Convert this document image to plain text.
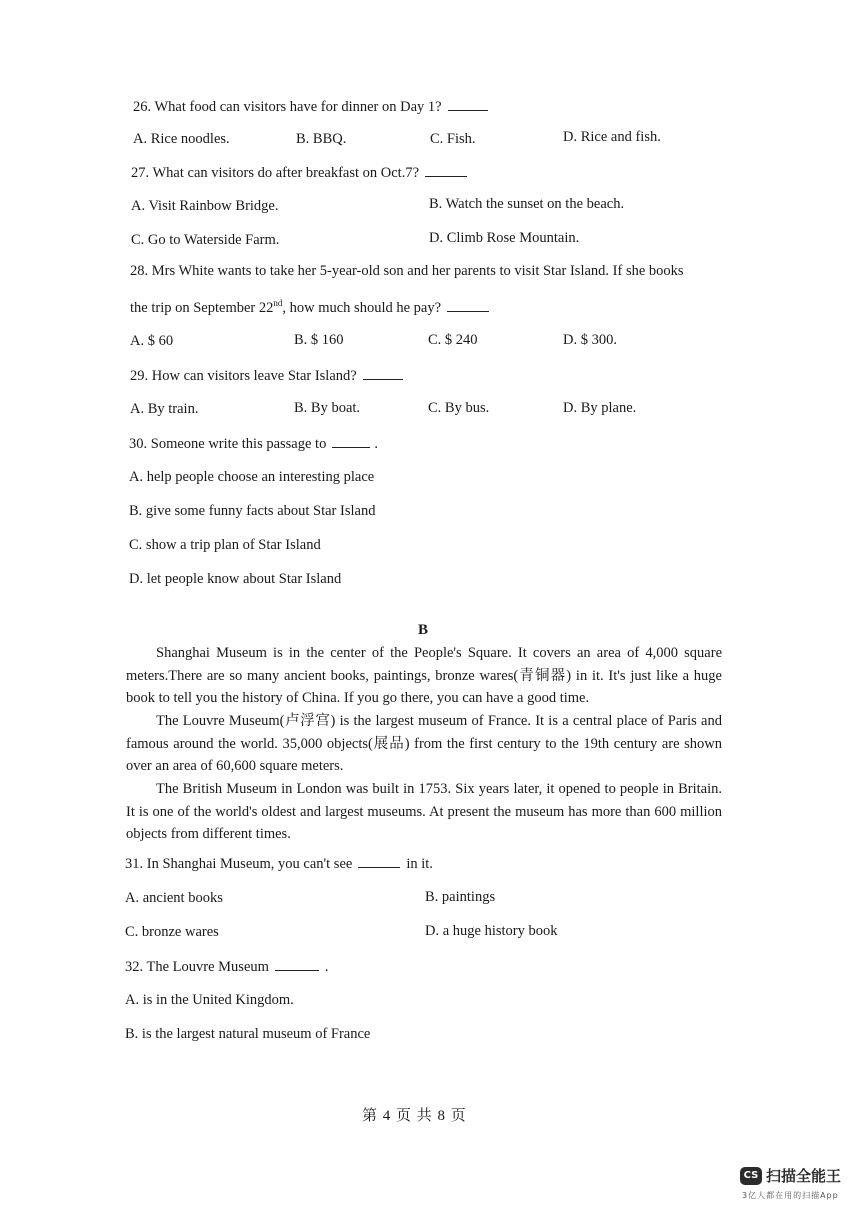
26. What food can visitors have for dinner on Day 1?
A. Rice noodles.	B. BBQ.	C. Fish.	D. Rice and fish.
27. What can visitors do after breakfast on Oct.7?
A. Visit Rainbow Bridge.	B. Watch the sunset on the beach.
C. Go to Waterside Farm.	D. Climb Rose Mountain.
28. Mrs White wants to take her 5-year-old son and her parents to visit Star Island. If she books
the trip on September 22nd, how much should he pay?
A. $ 60	B. $ 160	C. $ 240	D. $ 300.
29. How can visitors leave Star Island?
A. By train.	B. By boat.	C. By bus.	D. By plane.
30. Someone write this passage to	.
A. help people choose an interesting place
B. give some funny facts about Star Island
C. show a trip plan of Star Island
D. let people know about Star Island
B
Shanghai Museum is in the center of the People's Square. It covers an area of 4,000 square meters.There are so many ancient books, paintings, bronze wares(青铜器) in it. It's just like a huge book to tell you the history of China. If you go there, you can have a good time.
The Louvre Museum(卢浮宫) is the largest museum of France. It is a central place of Paris and famous around the world. 35,000 objects(展品) from the first century to the 19th century are shown over an area of 60,600 square meters.
The British Museum in London was built in 1753. Six years later, it opened to people in Britain. It is one of the world's oldest and largest museums. At present the museum has more than 600 million objects from different times.
31. In Shanghai Museum, you can't see	in it.
A. ancient books	B. paintings
C. bronze wares	D. a huge history book
32. The Louvre Museum	.
A. is in the United Kingdom.
B. is the largest natural museum of France
第 4 页 共 8 页
CS 扫描全能王
3亿人都在用的扫描App
